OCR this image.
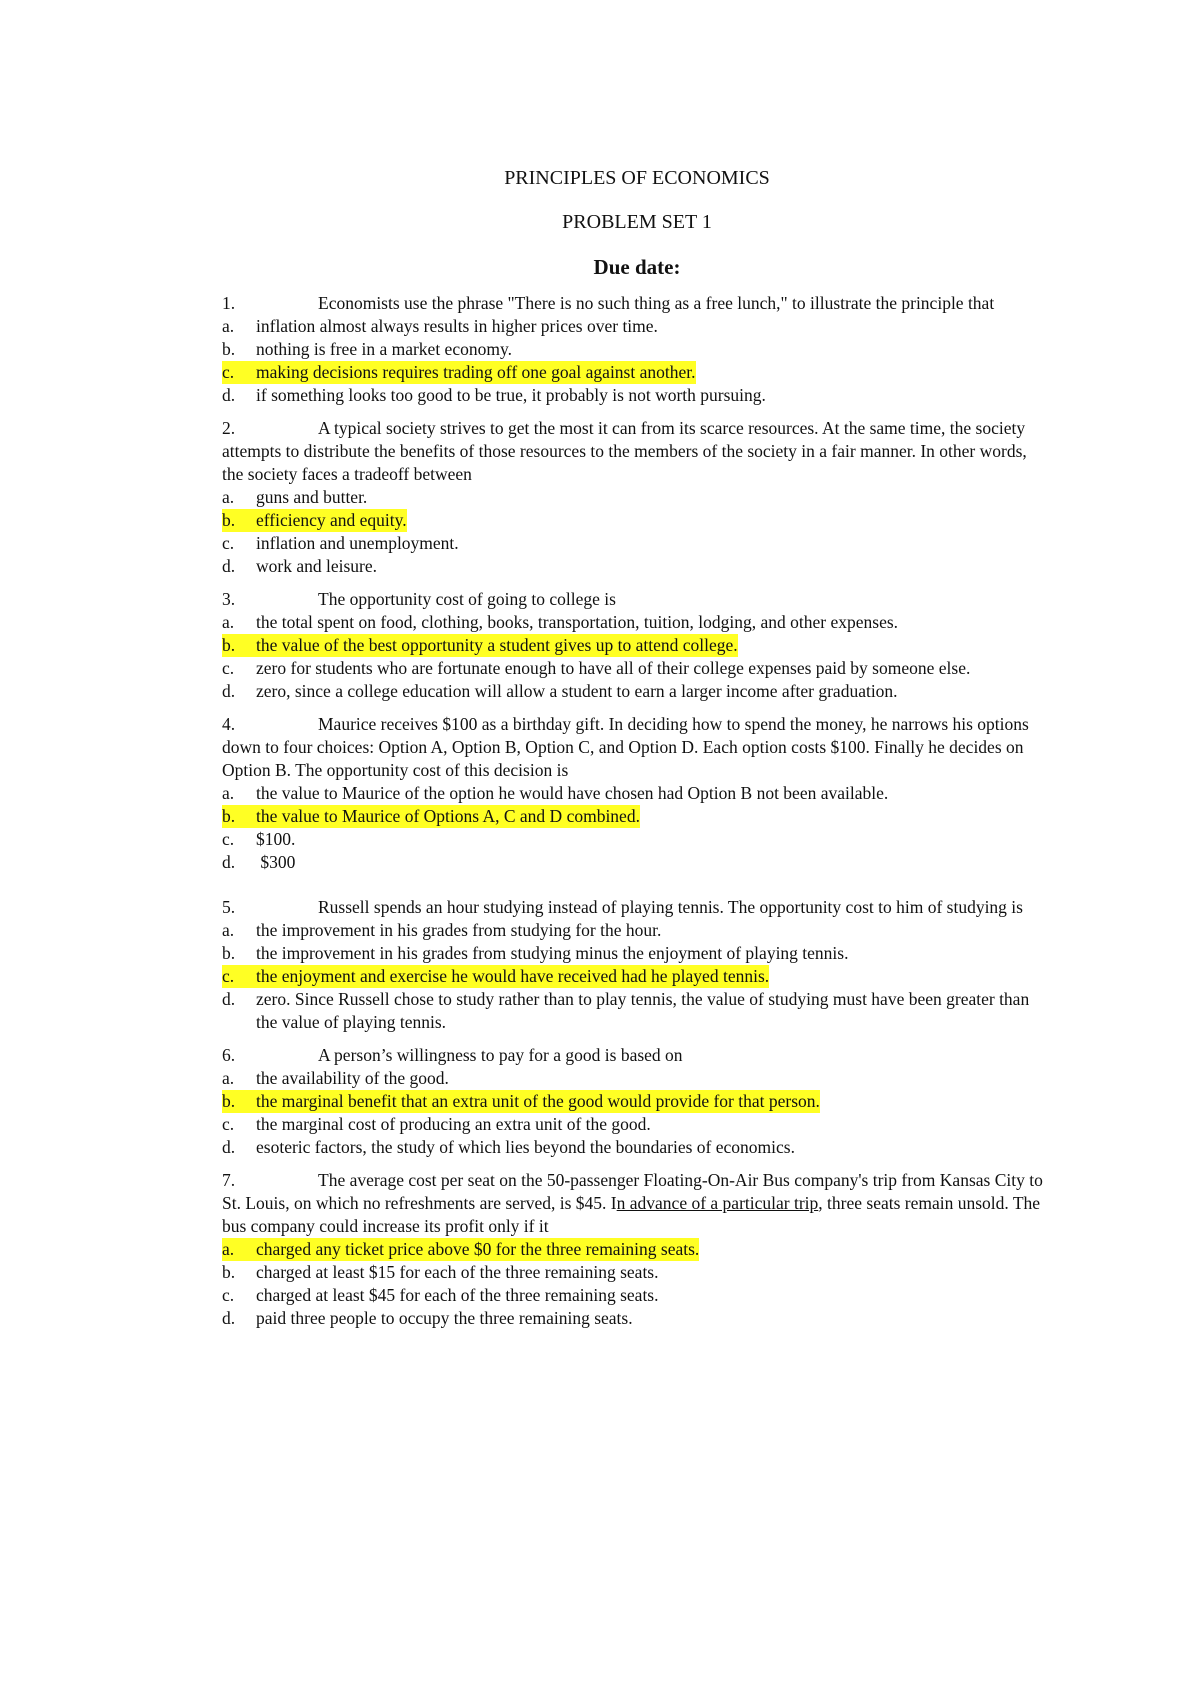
PRINCIPLES OF ECONOMICS

PROBLEM SET 1

Due date:

1.	Economists use the phrase "There is no such thing as a free lunch," to illustrate the principle that
a.	inflation almost always results in higher prices over time.
b.	nothing is free in a market economy.
c. making decisions requires trading off one goal against another.
d.	if something looks too good to be true, it probably is not worth pursuing.
2.	A typical society strives to get the most it can from its scarce resources. At the same time, the society attempts to distribute the benefits of those resources to the members of the society in a fair manner. In other words, the society faces a tradeoff between
a.	guns and butter.
b. efficiency and equity.
c.	inflation and unemployment.
d.	work and leisure.
3.	The opportunity cost of going to college is
a.	the total spent on food, clothing, books, transportation, tuition, lodging, and other expenses.
b. the value of the best opportunity a student gives up to attend college.
c.	zero for students who are fortunate enough to have all of their college expenses paid by someone else.
d.	zero, since a college education will allow a student to earn a larger income after graduation.
4.	Maurice receives $100 as a birthday gift. In deciding how to spend the money, he narrows his options down to four choices: Option A, Option B, Option C, and Option D. Each option costs $100. Finally he decides on Option B. The opportunity cost of this decision is
a.	the value to Maurice of the option he would have chosen had Option B not been available.
b. the value to Maurice of Options A, C and D combined.
c.	$100.
d.	$300
5.	Russell spends an hour studying instead of playing tennis. The opportunity cost to him of studying is
a.	the improvement in his grades from studying for the hour.
b.	the improvement in his grades from studying minus the enjoyment of playing tennis.
c. the enjoyment and exercise he would have received had he played tennis.
d.	zero. Since Russell chose to study rather than to play tennis, the value of studying must have been greater than the value of playing tennis.
6.	A person’s willingness to pay for a good is based on
a.	the availability of the good.
b. the marginal benefit that an extra unit of the good would provide for that person.
c.	the marginal cost of producing an extra unit of the good.
d.	esoteric factors, the study of which lies beyond the boundaries of economics.
7.	The average cost per seat on the 50-passenger Floating-On-Air Bus company's trip from Kansas City to St. Louis, on which no refreshments are served, is $45. In advance of a particular trip, three seats remain unsold. The bus company could increase its profit only if it
a. charged any ticket price above $0 for the three remaining seats.
b.	charged at least $15 for each of the three remaining seats.
c.	charged at least $45 for each of the three remaining seats.
d.	paid three people to occupy the three remaining seats.
